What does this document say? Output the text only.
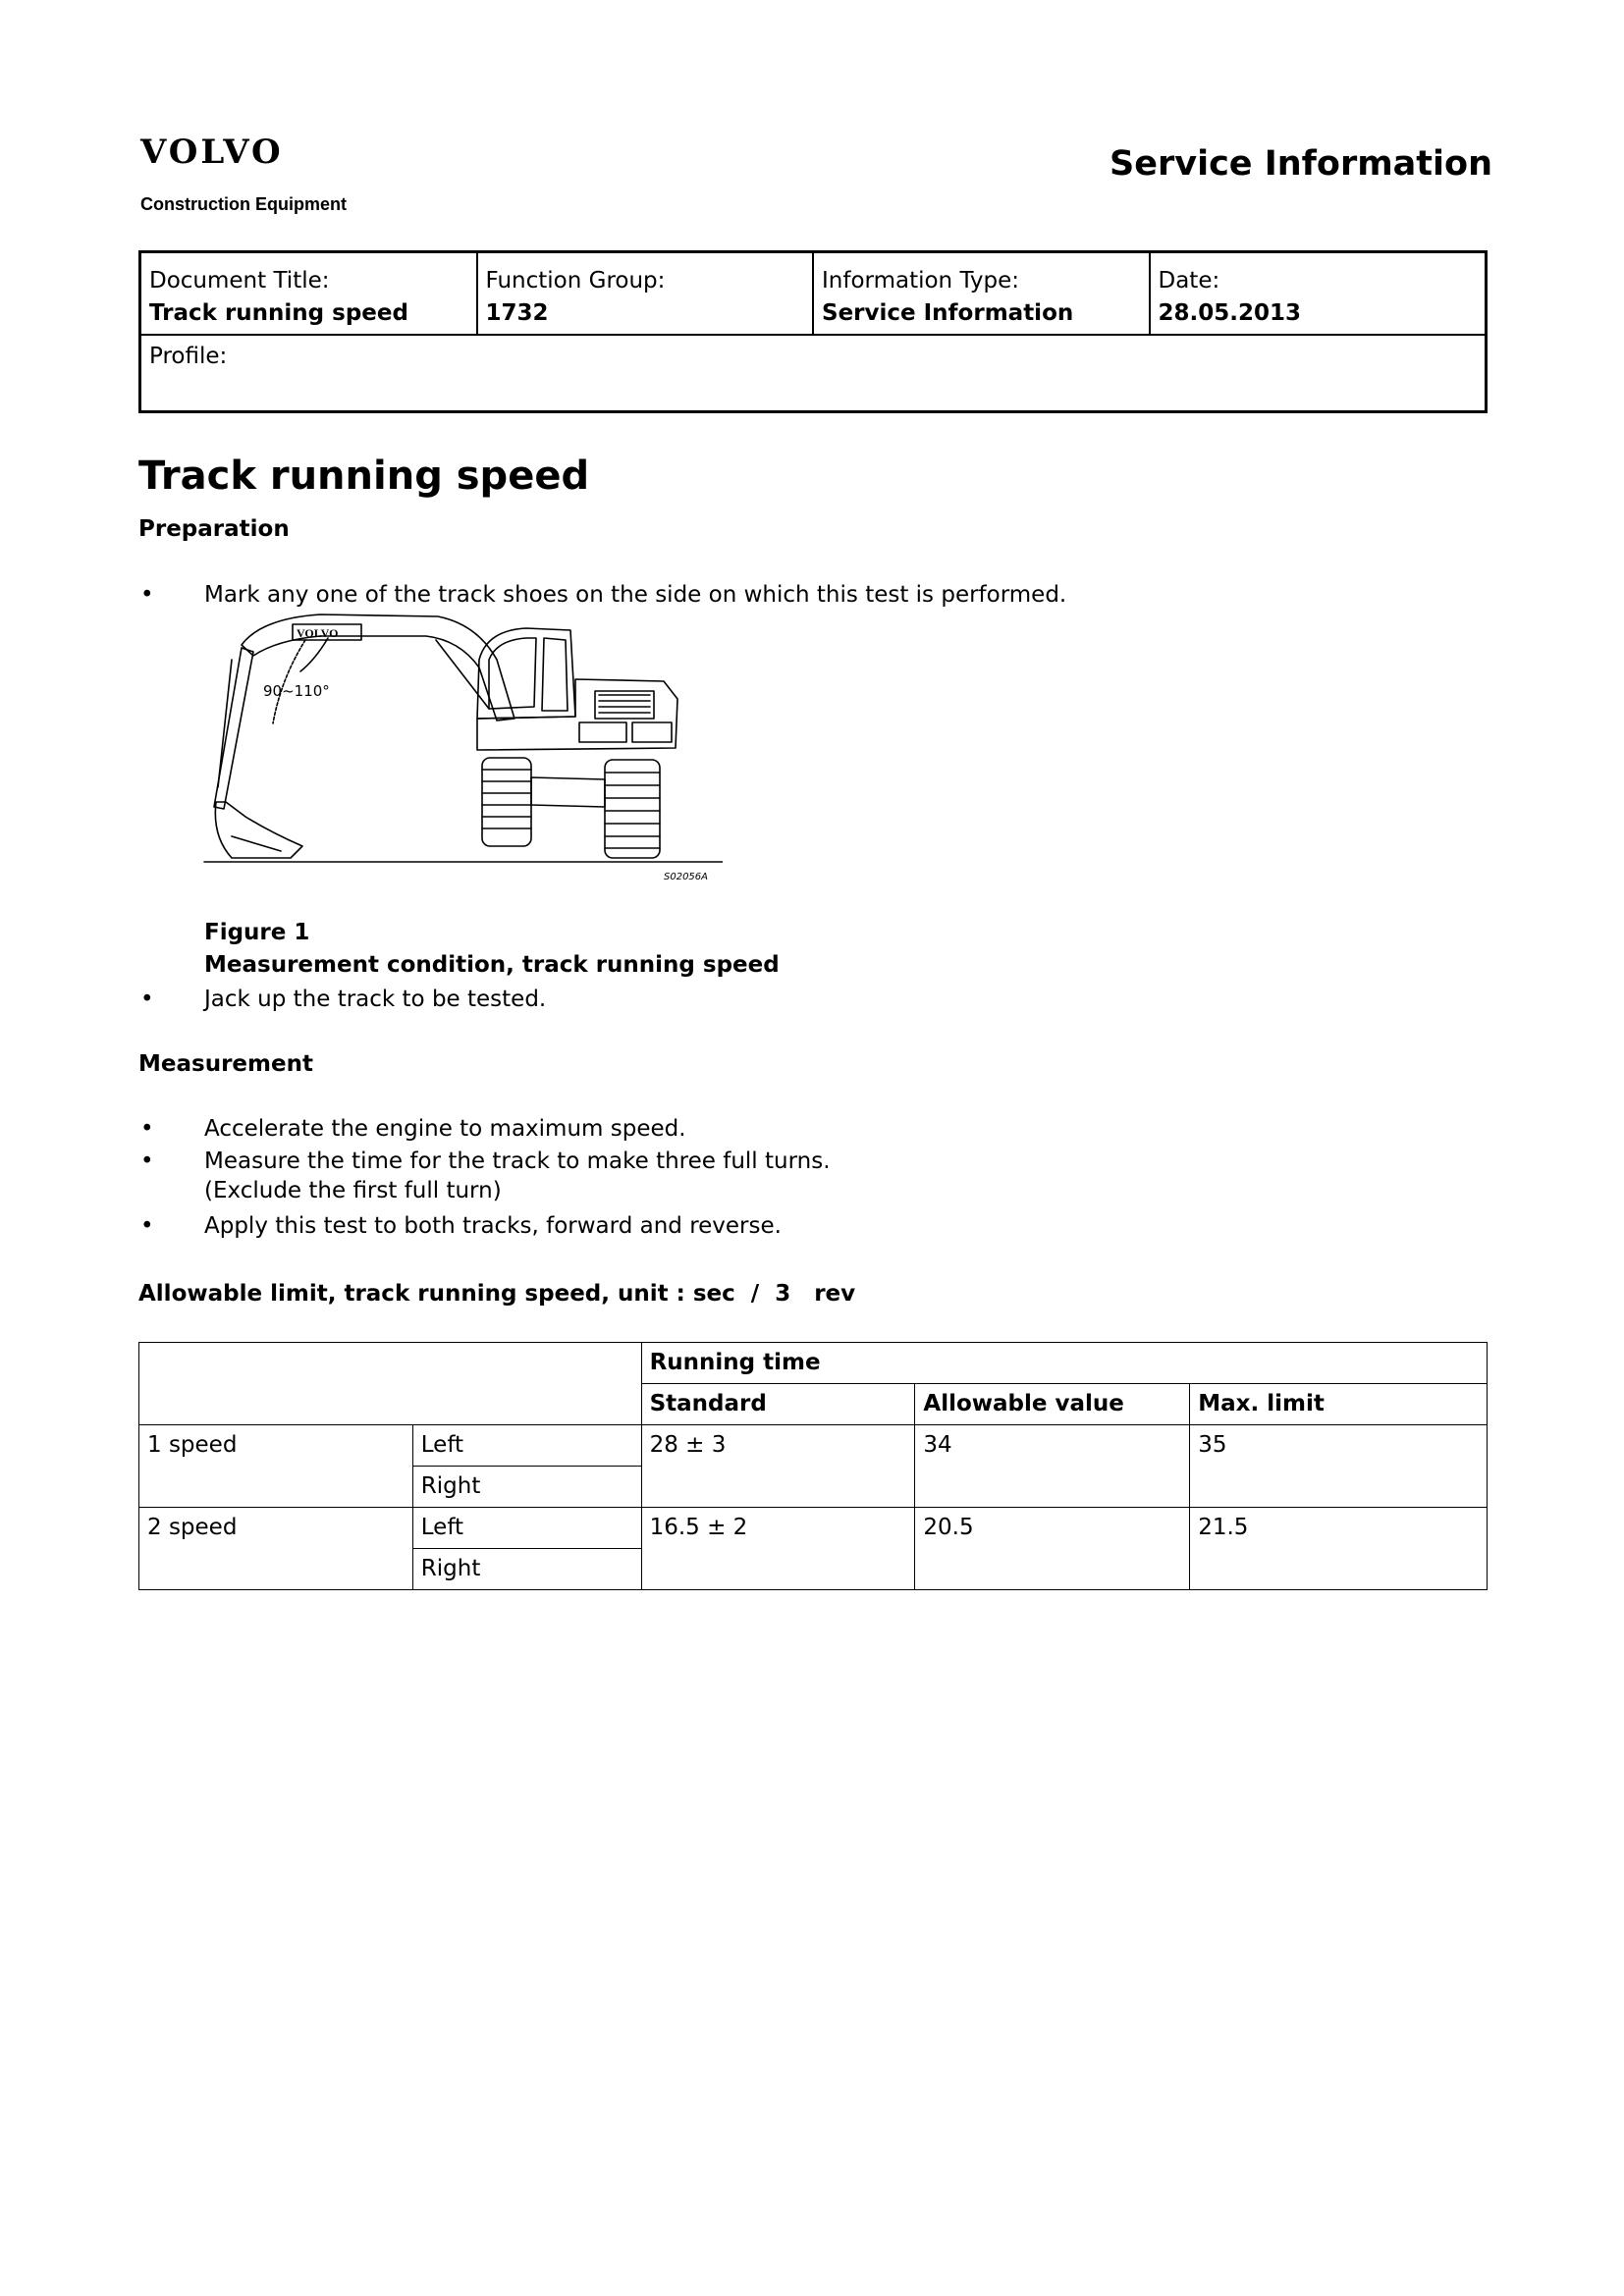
VOLVO
Construction Equipment
Service Information
Document Title:
Track running speed
Function Group:
1732
Information Type:
Service Information
Date:
28.05.2013
Profile:
Track running speed
Preparation
• Mark any one of the track shoes on the side on which this test is performed.
VOLVO
90~110°
S02056A
Figure 1
Measurement condition, track running speed
• Jack up the track to be tested.
Measurement
• Accelerate the engine to maximum speed.
• Measure the time for the track to make three full turns.
(Exclude the first full turn)
• Apply this test to both tracks, forward and reverse.
Allowable limit, track running speed, unit : sec  /  3   rev
		Running time		
		Standard	Allowable value	Max. limit
1 speed	Left	28 ± 3	34	35
	Right			
2 speed	Left	16.5 ± 2	20.5	21.5
	Right			
